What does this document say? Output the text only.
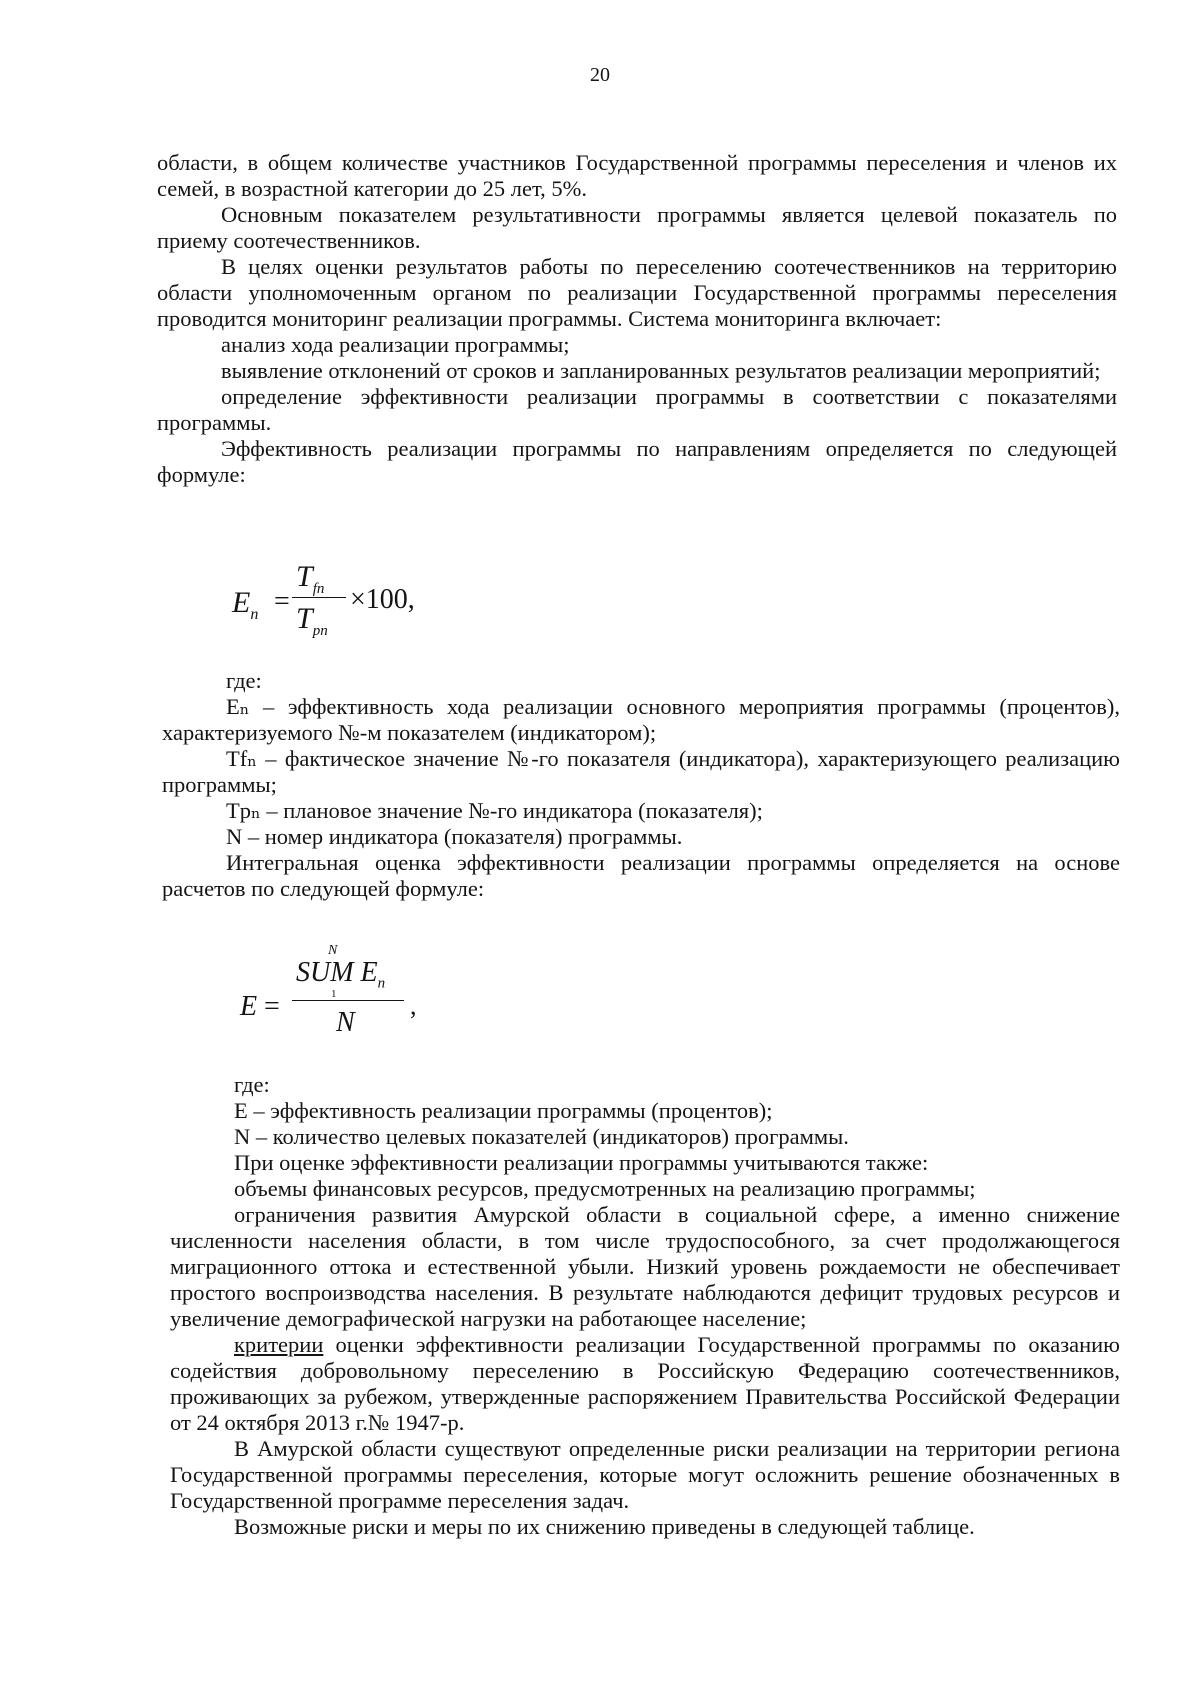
20

области, в общем количестве участников Государственной программы переселения и членов их семей, в возрастной категории до 25 лет, 5%.

Основным показателем результативности программы является целевой показатель по приему соотечественников.

В целях оценки результатов работы по переселению соотечественников на территорию области уполномоченным органом по реализации Государственной программы переселения проводится мониторинг реализации программы. Система мониторинга включает:

анализ хода реализации программы;

выявление отклонений от сроков и запланированных результатов реализации мероприятий;

определение эффективности реализации программы в соответствии с показателями программы.

Эффективность реализации программы по направлениям определяется по следующей формуле:

$E_n$ =
$T_{fn}$
$T_{pn}$
×100,

где:

Eₙ – эффективность хода реализации основного мероприятия программы (процентов), характеризуемого №-м показателем (индикатором);

Tfₙ – фактическое значение №-го показателя (индикатора), характеризующего реализацию программы;

Tpₙ – плановое значение №-го индикатора (показателя);

N – номер индикатора (показателя) программы.

Интегральная оценка эффективности реализации программы определяется на основе расчетов по следующей формуле:

E =
N
SUM $E_n$
1
N
,

где:

E – эффективность реализации программы (процентов);

N – количество целевых показателей (индикаторов) программы.

При оценке эффективности реализации программы учитываются также:

объемы финансовых ресурсов, предусмотренных на реализацию программы;

ограничения развития Амурской области в социальной сфере, а именно снижение численности населения области, в том числе трудоспособного, за счет продолжающегося миграционного оттока и естественной убыли. Низкий уровень рождаемости не обеспечивает простого воспроизводства населения. В результате наблюдаются дефицит трудовых ресурсов и увеличение демографической нагрузки на работающее население;

критерии оценки эффективности реализации Государственной программы по оказанию содействия добровольному переселению в Российскую Федерацию соотечественников, проживающих за рубежом, утвержденные распоряжением Правительства Российской Федерации от 24 октября 2013 г.№ 1947-р.

В Амурской области существуют определенные риски реализации на территории региона Государственной программы переселения, которые могут осложнить решение обозначенных в Государственной программе переселения задач.

Возможные риски и меры по их снижению приведены в следующей таблице.
